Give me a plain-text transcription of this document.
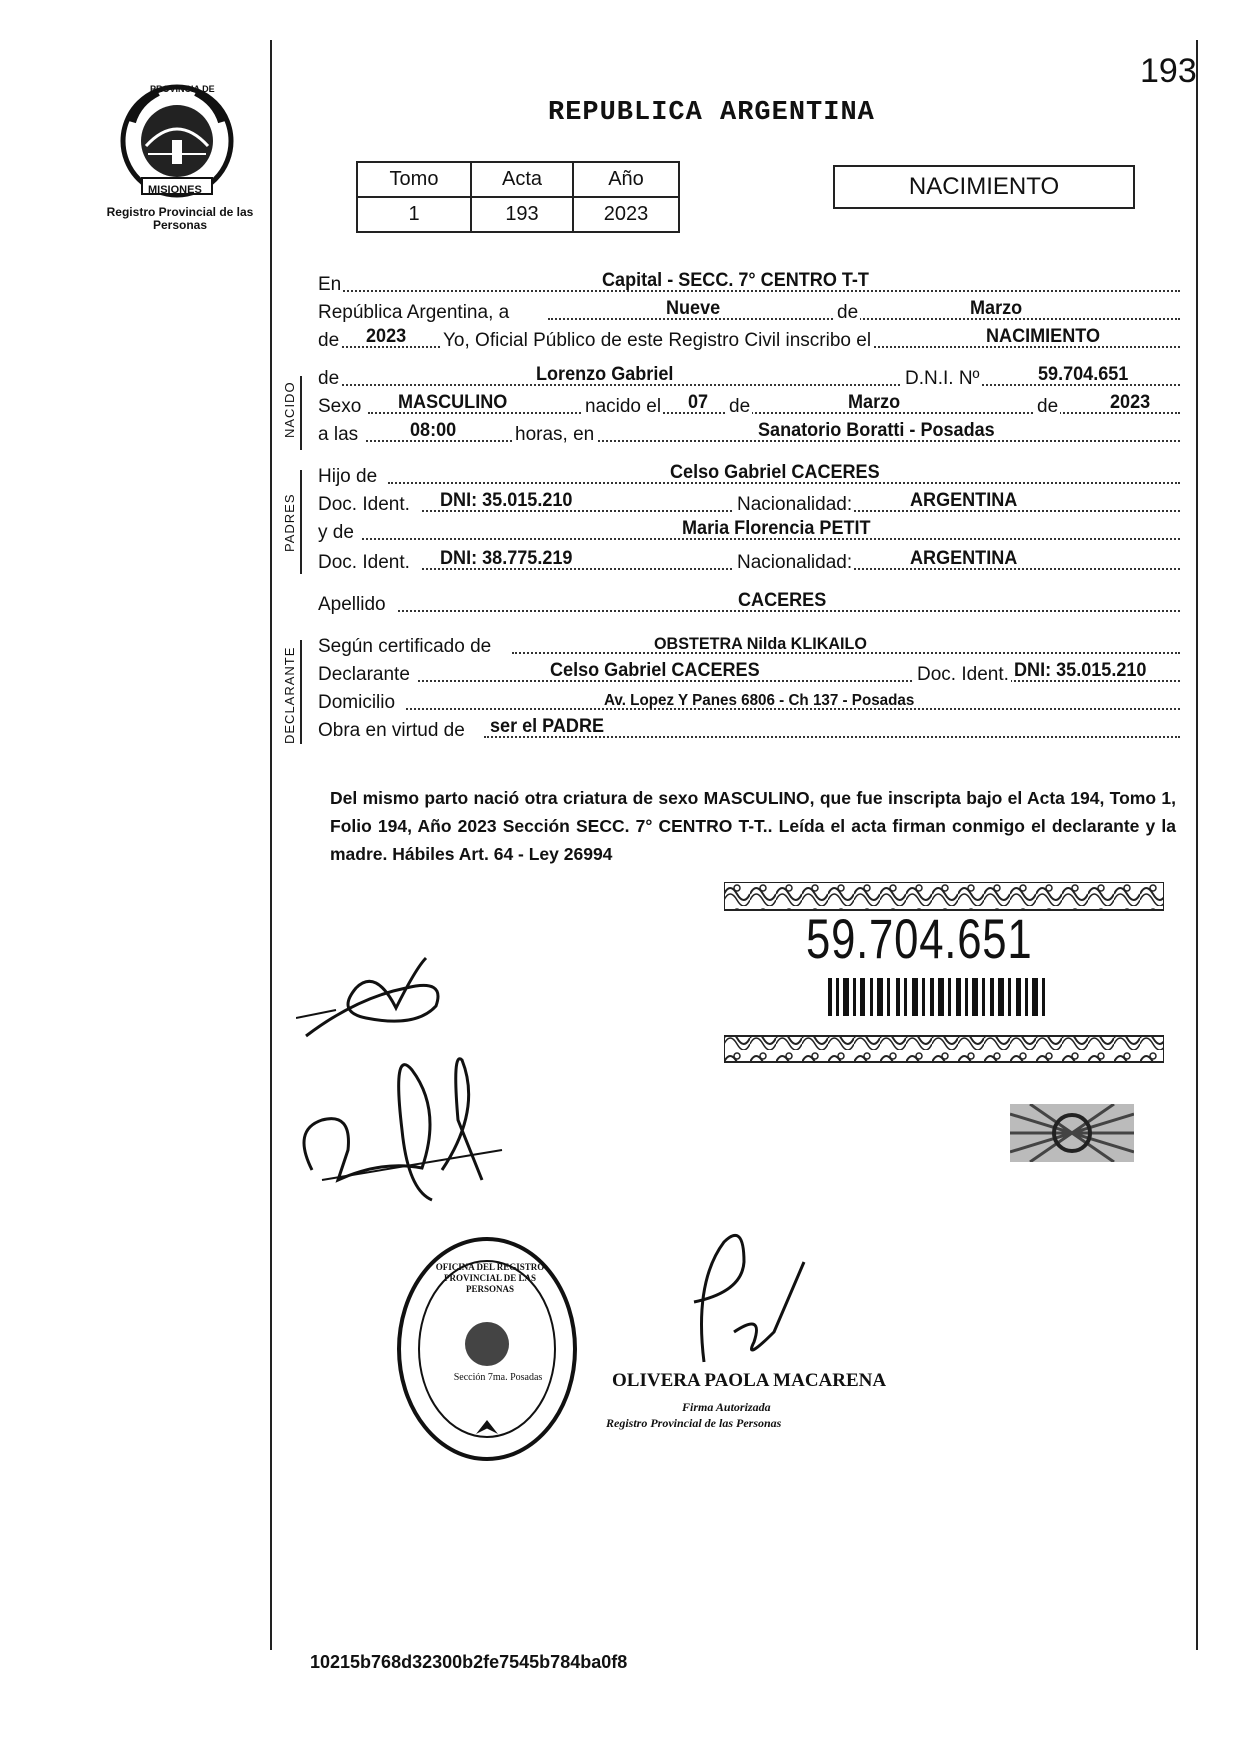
193
REPUBLICA ARGENTINA
PROVINCIA DE
MISIONES
Registro Provincial de las Personas
Tomo	Acta	Año
1	193	2023
NACIMIENTO
NACIDO
PADRES
DECLARANTE
En	Capital - SECC. 7° CENTRO T-T
República Argentina, a	Nueve	de	Marzo
de 2023 Yo, Oficial Público de este Registro Civil inscribo el	NACIMIENTO
de	Lorenzo Gabriel	D.N.I. Nº	59.704.651
Sexo MASCULINO	nacido el 07 de	Marzo	de	2023
a las	08:00	horas, en	Sanatorio Boratti - Posadas
Hijo de	Celso Gabriel CACERES
Doc. Ident. DNI: 35.015.210	Nacionalidad:	ARGENTINA
y de	Maria Florencia PETIT
Doc. Ident. DNI: 38.775.219	Nacionalidad:	ARGENTINA
Apellido	CACERES
Según certificado de	OBSTETRA Nilda KLIKAILO
Declarante	Celso Gabriel CACERES	Doc. Ident. DNI: 35.015.210
Domicilio	Av. Lopez Y Panes 6806 - Ch 137 - Posadas
Obra en virtud de ser el PADRE
Del mismo parto nació otra criatura de sexo MASCULINO, que fue inscripta bajo el Acta 194, Tomo 1, Folio 194, Año 2023 Sección SECC. 7° CENTRO T-T.. Leída el acta firman conmigo el declarante y la madre. Hábiles Art. 64 - Ley 26994
59.704.651
OFICINA DEL REGISTRO PROVINCIAL DE LAS PERSONAS
Sección 7ma. Posadas	OLIVERA PAOLA MACARENA
Firma Autorizada
Registro Provincial de las Personas
10215b768d32300b2fe7545b784ba0f8
